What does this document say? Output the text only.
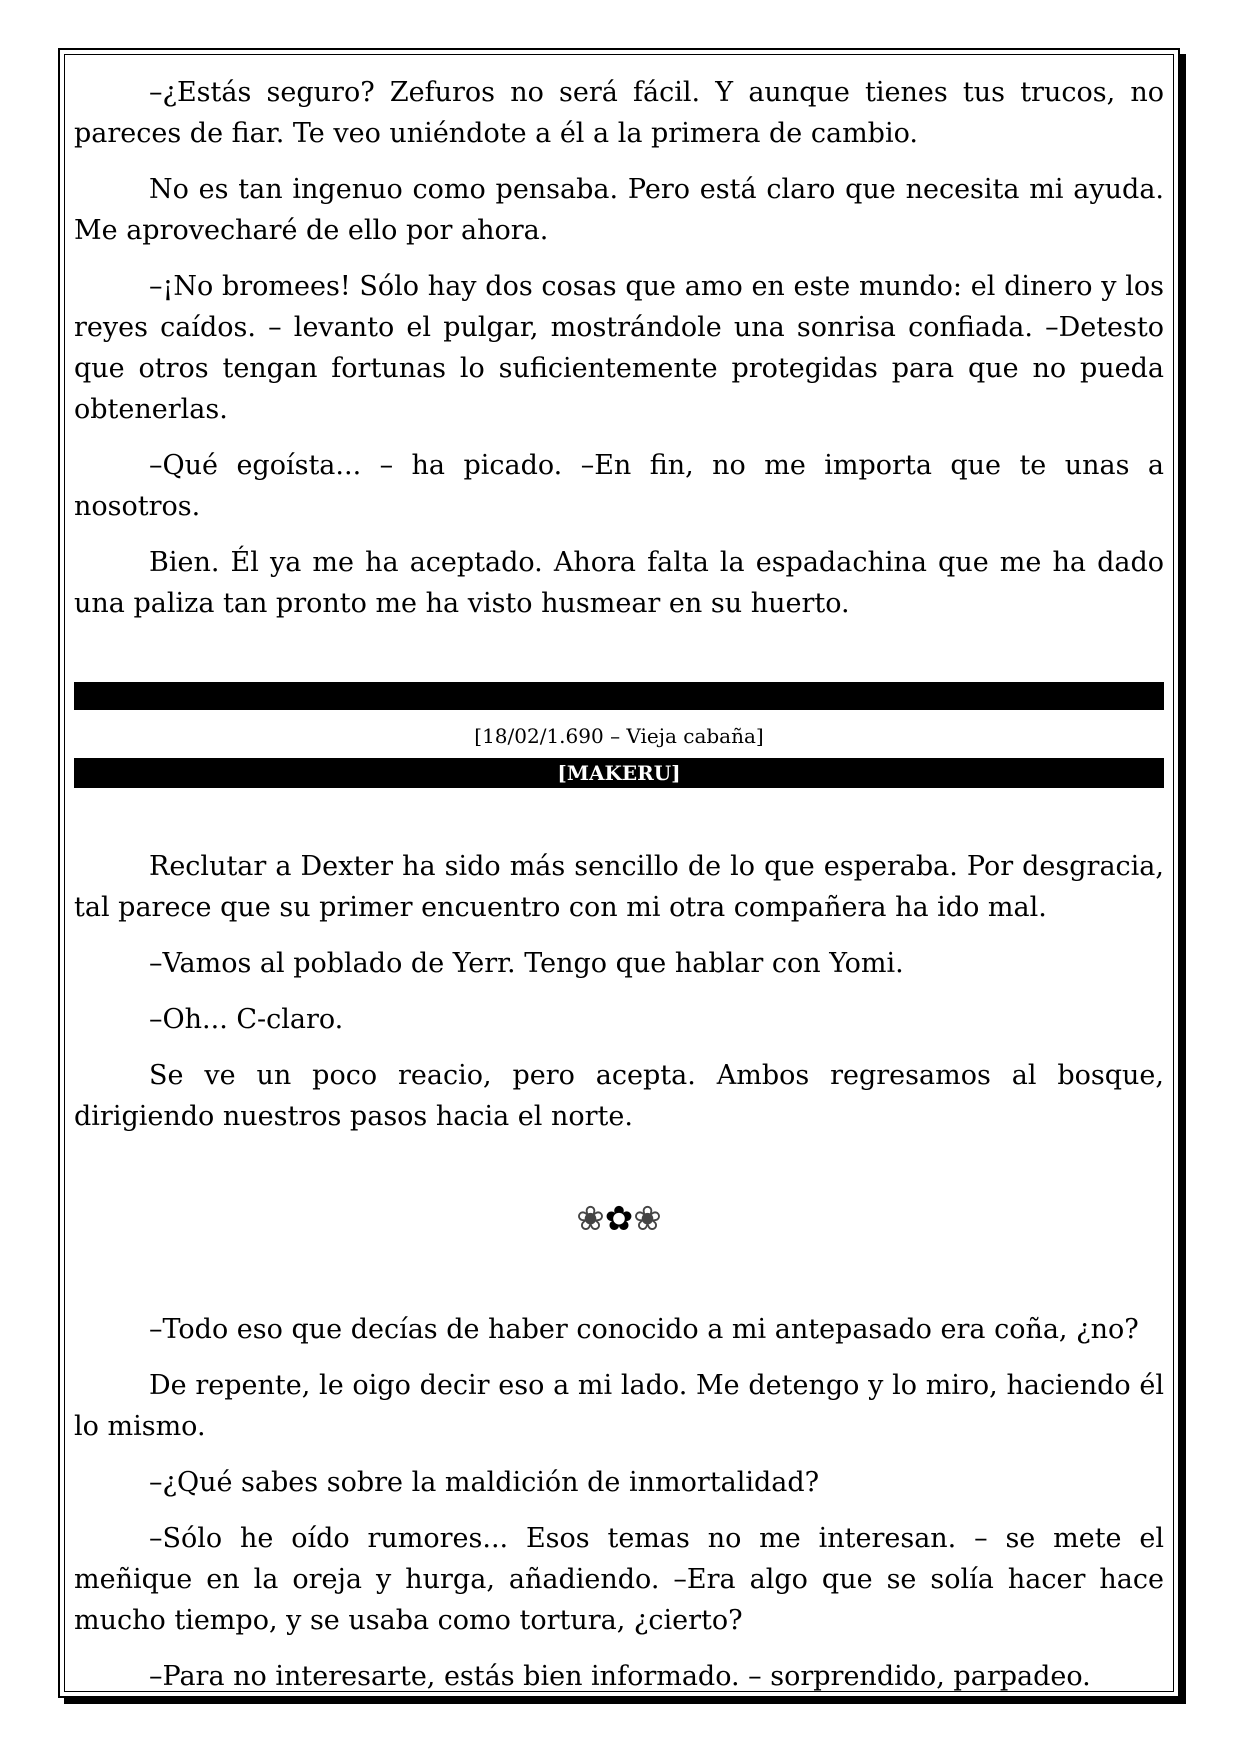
–¿Estás seguro? Zefuros no será fácil. Y aunque tienes tus trucos, no pareces de fiar. Te veo uniéndote a él a la primera de cambio.

No es tan ingenuo como pensaba. Pero está claro que necesita mi ayuda. Me aprovecharé de ello por ahora.

–¡No bromees! Sólo hay dos cosas que amo en este mundo: el dinero y los reyes caídos. – levanto el pulgar, mostrándole una sonrisa confiada. –Detesto que otros tengan fortunas lo suficientemente protegidas para que no pueda obtenerlas.

–Qué egoísta... – ha picado. –En fin, no me importa que te unas a nosotros.

Bien. Él ya me ha aceptado. Ahora falta la espadachina que me ha dado una paliza tan pronto me ha visto husmear en su huerto.

[18/02/1.690 – Vieja cabaña]
[MAKERU]

Reclutar a Dexter ha sido más sencillo de lo que esperaba. Por desgracia, tal parece que su primer encuentro con mi otra compañera ha ido mal.

–Vamos al poblado de Yerr. Tengo que hablar con Yomi.

–Oh... C-claro.

Se ve un poco reacio, pero acepta. Ambos regresamos al bosque, dirigiendo nuestros pasos hacia el norte.

❀✿❀

–Todo eso que decías de haber conocido a mi antepasado era coña, ¿no?

De repente, le oigo decir eso a mi lado. Me detengo y lo miro, haciendo él lo mismo.

–¿Qué sabes sobre la maldición de inmortalidad?

–Sólo he oído rumores... Esos temas no me interesan. – se mete el meñique en la oreja y hurga, añadiendo. –Era algo que se solía hacer hace mucho tiempo, y se usaba como tortura, ¿cierto?

–Para no interesarte, estás bien informado. – sorprendido, parpadeo.
